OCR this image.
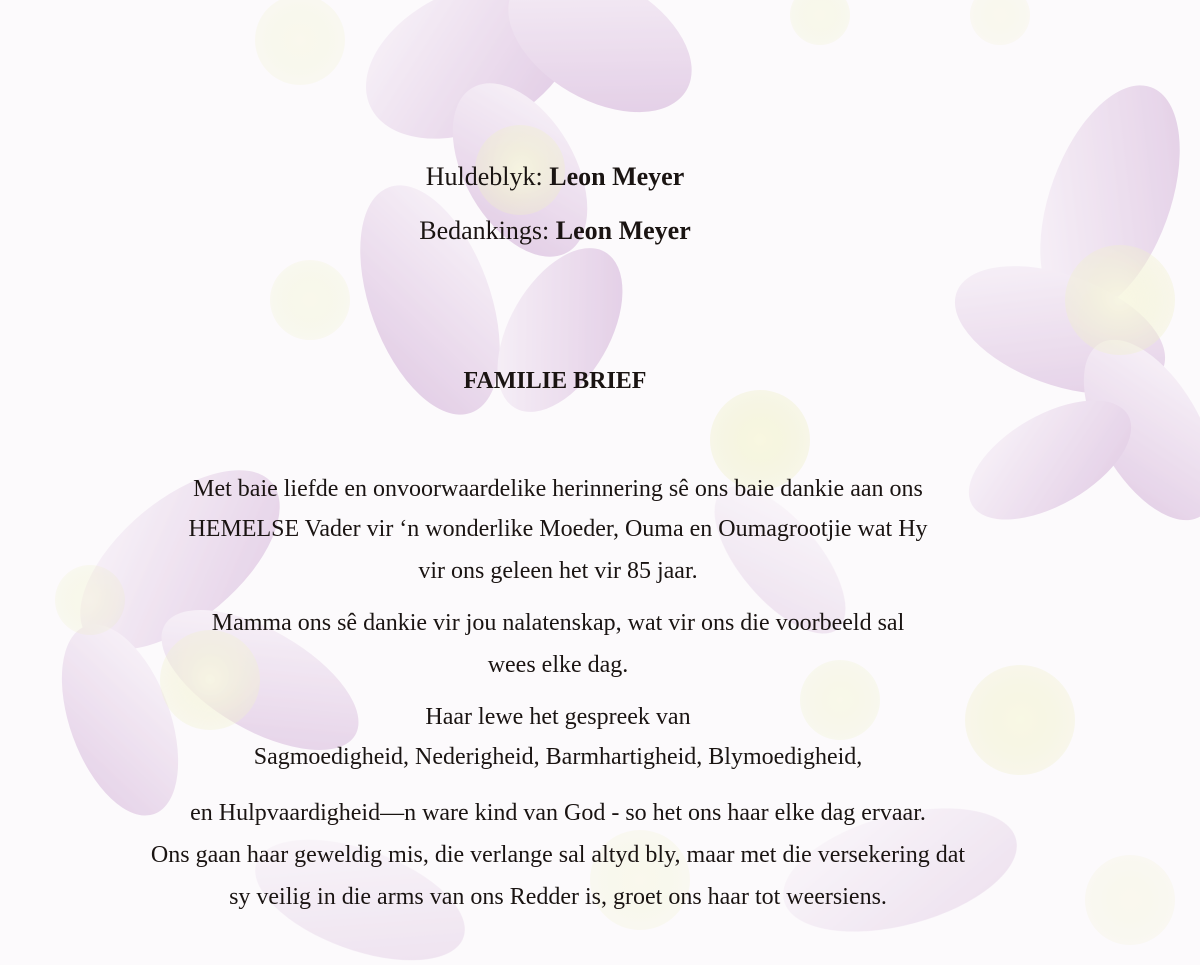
Huldeblyk: Leon Meyer
Bedankings: Leon Meyer
FAMILIE BRIEF
Met baie liefde en onvoorwaardelike herinnering sê ons baie dankie aan ons
HEMELSE Vader vir ‘n wonderlike Moeder, Ouma en Oumagrootjie wat Hy
vir ons geleen het vir 85 jaar.
Mamma ons sê dankie vir jou nalatenskap, wat vir ons die voorbeeld sal
wees elke dag.
Haar lewe het gespreek van
Sagmoedigheid, Nederigheid, Barmhartigheid, Blymoedigheid,
en Hulpvaardigheid—n ware kind van God - so het ons haar elke dag ervaar.
Ons gaan haar geweldig mis, die verlange sal altyd bly, maar met die versekering dat
sy veilig in die arms van ons Redder is, groet ons haar tot weersiens.
